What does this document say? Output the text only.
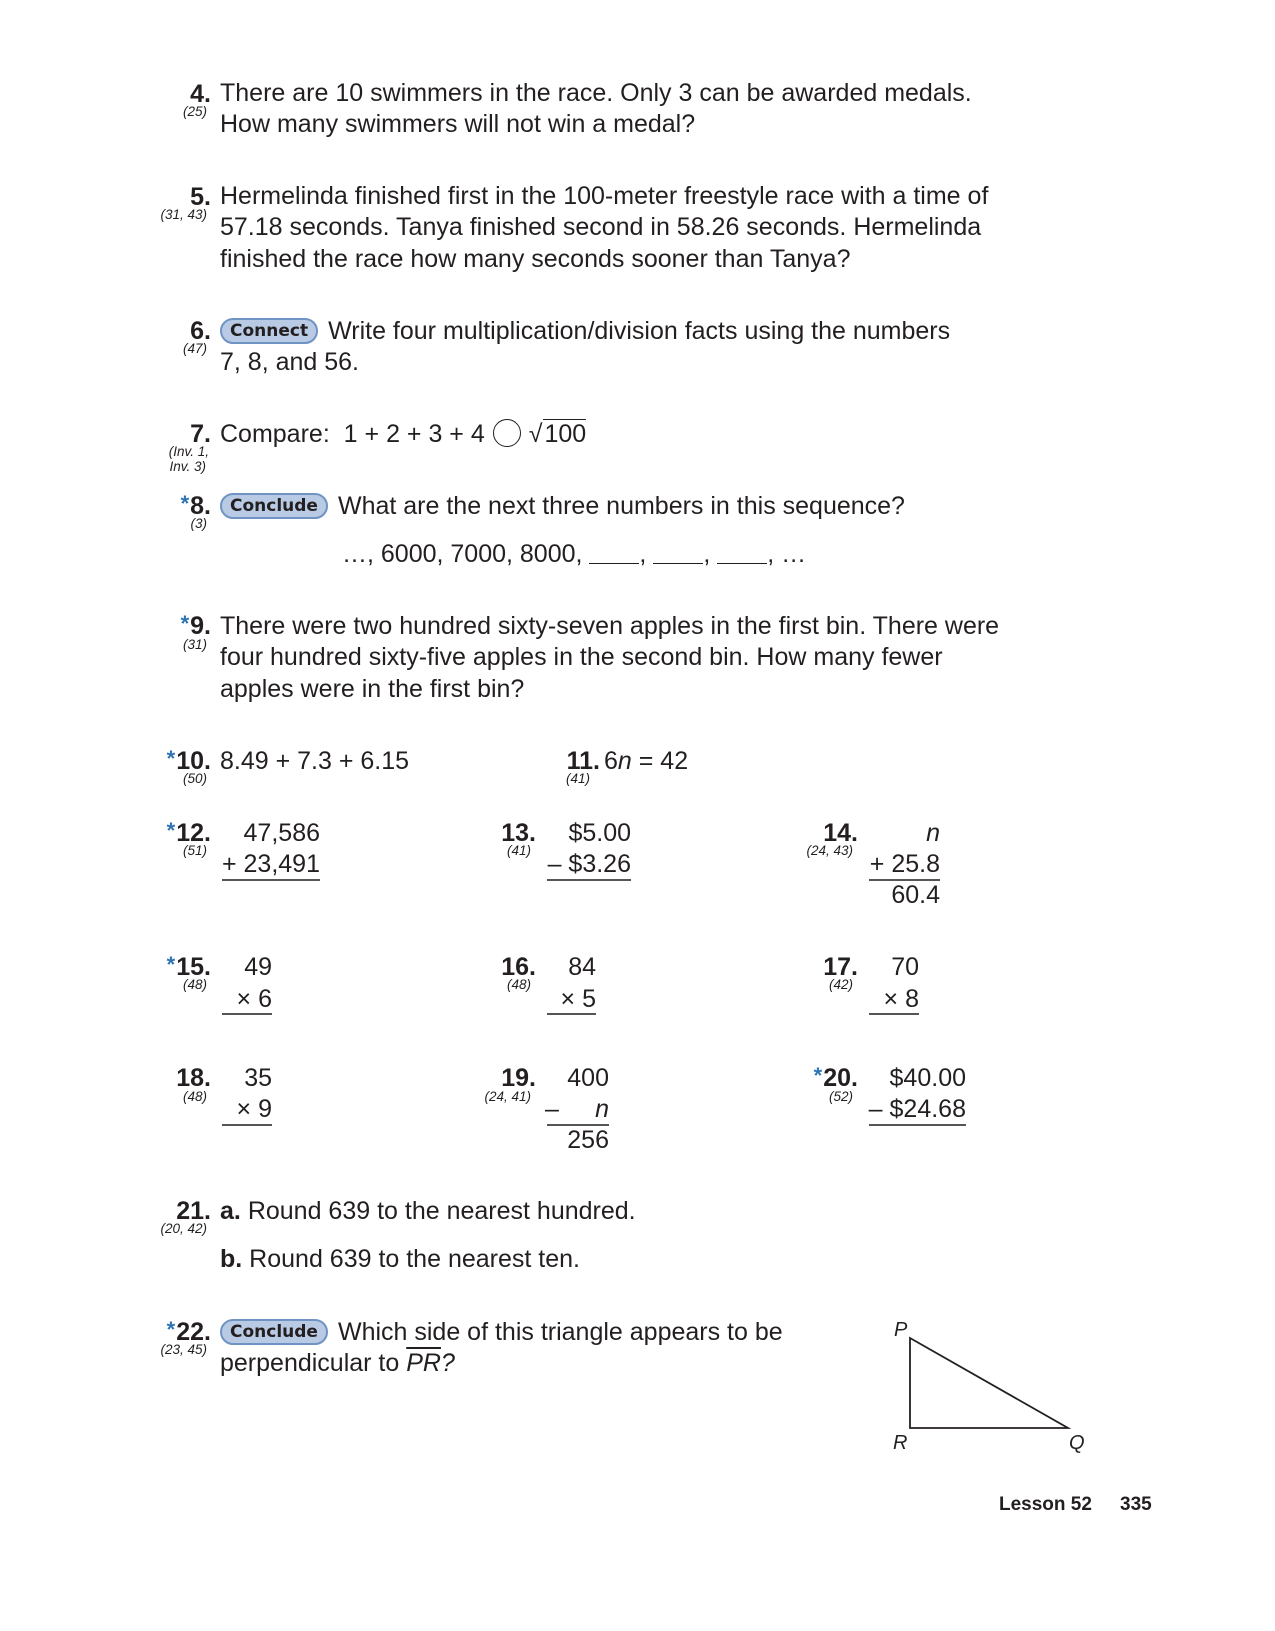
4.
(25)
There are 10 swimmers in the race. Only 3 can be awarded medals.
How many swimmers will not win a medal?
5.
(31, 43)
Hermelinda finished first in the 100-meter freestyle race with a time of
57.18 seconds. Tanya finished second in 58.26 seconds. Hermelinda
finished the race how many seconds sooner than Tanya?
6.
(47)
Connect Write four multiplication/division facts using the numbers
7, 8, and 56.
7.
(Inv. 1,
Inv. 3)
Compare: 1 + 2 + 3 + 4 √100
*8.
(3)
Conclude What are the next three numbers in this sequence?
…, 6000, 7000, 8000, , , , …
*9.
(31)
There were two hundred sixty-seven apples in the first bin. There were
four hundred sixty-five apples in the second bin. How many fewer
apples were in the first bin?
*10.
(50)
8.49 + 7.3 + 6.15	11.
(41)
6n = 42
*12.
(51)
47,586
+ 23,491
13.
(41)
$5.00
– $3.26
14.
(24, 43)
n
+ 25.8
60.4
*15.
(48)
49
× 6
16.
(48)
84
× 5
17.
(42)
70
× 8
18.
(48)
35
× 9
19.
(24, 41)
400
–	n
256
*20.
(52)
$40.00
– $24.68
21.
(20, 42)
a. Round 639 to the nearest hundred.
b. Round 639 to the nearest ten.
*22.
(23, 45)
Conclude Which side of this triangle appears to be
perpendicular to $\overline{PR}$?
P
R	Q
Lesson 52 335
